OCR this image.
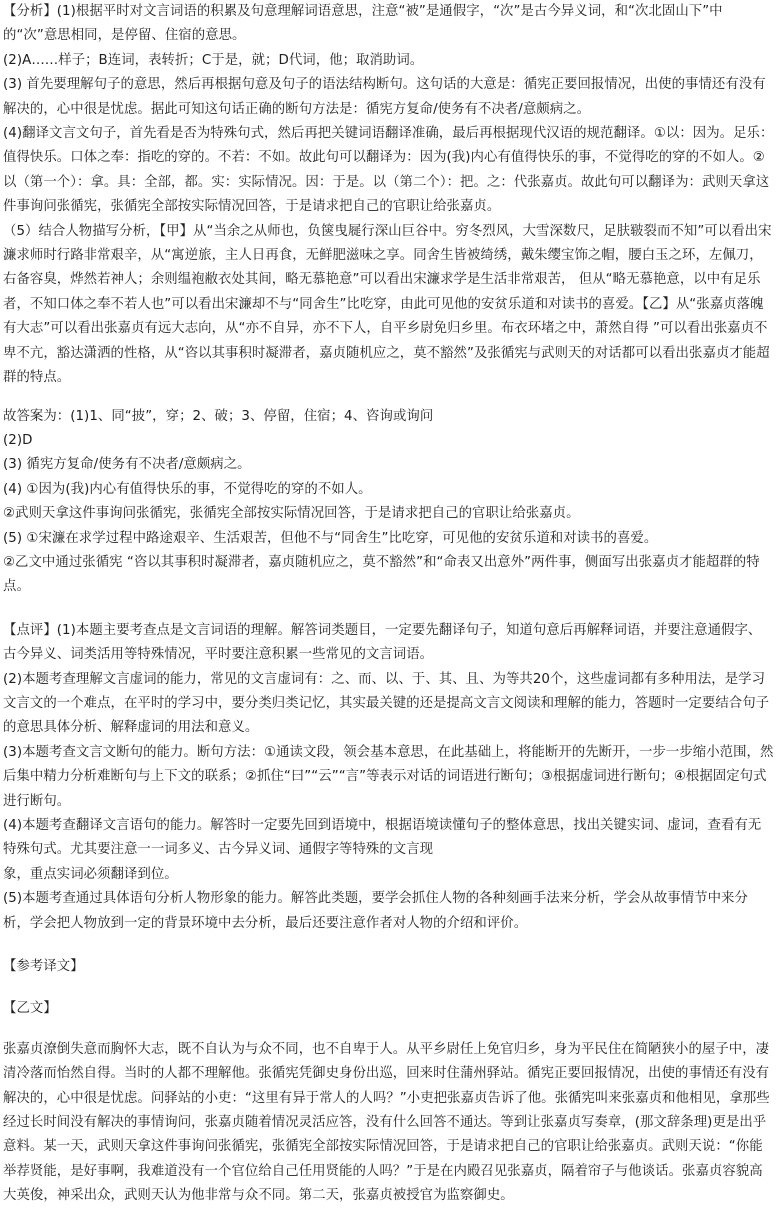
【分析】(1)根据平时对文言词语的积累及句意理解词语意思，注意“被”是通假字，“次”是古今异义词，和“次北固山下”中的“次”意思相同，是停留、住宿的意思。

(2)A……样子；B连词，表转折；C于是，就；D代词，他；取消助词。

(3) 首先要理解句子的意思，然后再根据句意及句子的语法结构断句。这句话的大意是：循宪正要回报情况，出使的事情还有没有解决的，心中很是忧虑。据此可知这句话正确的断句方法是：循宪方复命/使务有不决者/意颇病之。

(4)翻译文言文句子，首先看是否为特殊句式，然后再把关键词语翻译准确，最后再根据现代汉语的规范翻译。①以：因为。足乐：值得快乐。口体之奉：指吃的穿的。不若：不如。故此句可以翻译为：因为(我)内心有值得快乐的事，不觉得吃的穿的不如人。②以（第一个）：拿。具：全部，都。实：实际情况。因：于是。以（第二个）：把。之：代张嘉贞。故此句可以翻译为：武则天拿这件事询问张循宪，张循宪全部按实际情况回答，于是请求把自己的官职让给张嘉贞。

（5）结合人物描写分析，【甲】从“当余之从师也，负箧曳屣行深山巨谷中。穷冬烈风，大雪深数尺，足肤皲裂而不知”可以看出宋濂求师时行路非常艰辛，从“寓逆旅，主人日再食，无鲜肥滋味之享。同舍生皆被绮绣，戴朱缨宝饰之帽，腰白玉之环，左佩刀，右备容臭，烨然若神人；余则缊袍敝衣处其间，略无慕艳意”可以看出宋濂求学是生活非常艰苦， 但从“略无慕艳意，以中有足乐者，不知口体之奉不若人也”可以看出宋濂却不与“同舍生”比吃穿，由此可见他的安贫乐道和对读书的喜爱。【乙】从“张嘉贞落魄有大志”可以看出张嘉贞有远大志向，从“亦不自异，亦不下人，自平乡尉免归乡里。布衣环堵之中，萧然自得 ”可以看出张嘉贞不卑不亢，豁达潇洒的性格，从“咨以其事积时凝滞者，嘉贞随机应之，莫不豁然”及张循宪与武则天的对话都可以看出张嘉贞才能超群的特点。

故答案为：(1)1、同“披”，穿；2、破；3、停留，住宿；4、咨询或询问

(2)D

(3) 循宪方复命/使务有不决者/意颇病之。

(4) ①因为(我)内心有值得快乐的事，不觉得吃的穿的不如人。

②武则天拿这件事询问张循宪，张循宪全部按实际情况回答，于是请求把自己的官职让给张嘉贞。

(5) ①宋濂在求学过程中路途艰辛、生活艰苦，但他不与“同舍生”比吃穿，可见他的安贫乐道和对读书的喜爱。

②乙文中通过张循宪 “咨以其事积时凝滞者，嘉贞随机应之，莫不豁然”和“命表又出意外”两件事，侧面写出张嘉贞才能超群的特点。

【点评】(1)本题主要考查点是文言词语的理解。解答词类题目，一定要先翻译句子，知道句意后再解释词语，并要注意通假字、古今异义、词类活用等特殊情况，平时要注意积累一些常见的文言词语。

(2)本题考查理解文言虚词的能力，常见的文言虚词有：之、而、以、于、其、且、为等共20个，这些虚词都有多种用法，是学习文言文的一个难点，在平时的学习中，要分类归类记忆，其实最关键的还是提高文言文阅读和理解的能力，答题时一定要结合句子的意思具体分析、解释虚词的用法和意义。

(3)本题考查文言文断句的能力。断句方法：①通读文段，领会基本意思，在此基础上，将能断开的先断开，一步一步缩小范围，然后集中精力分析难断句与上下文的联系；②抓住“曰”“云”“言”等表示对话的词语进行断句；③根据虚词进行断句；④根据固定句式进行断句。

(4)本题考查翻译文言语句的能力。解答时一定要先回到语境中，根据语境读懂句子的整体意思，找出关键实词、虚词，查看有无特殊句式。尤其要注意一一词多义、古今异义词、通假字等特殊的文言现

象，重点实词必须翻译到位。

(5)本题考查通过具体语句分析人物形象的能力。解答此类题，要学会抓住人物的各种刻画手法来分析，学会从故事情节中来分析，学会把人物放到一定的背景环境中去分析，最后还要注意作者对人物的介绍和评价。

【参考译文】

【乙文】

张嘉贞潦倒失意而胸怀大志，既不自认为与众不同，也不自卑于人。从平乡尉任上免官归乡，身为平民住在简陋狭小的屋子中，凄清冷落而怡然自得。当时的人都不理解他。张循宪凭御史身份出巡，回来时住蒲州驿站。循宪正要回报情况，出使的事情还有没有解决的，心中很是忧虑。问驿站的小吏：“这里有异于常人的人吗？”小吏把张嘉贞告诉了他。张循宪叫来张嘉贞和他相见，拿那些经过长时间没有解决的事情询问，张嘉贞随着情况灵活应答，没有什么回答不通达。等到让张嘉贞写奏章，(那文辞条理)更是出乎意料。某一天，武则天拿这件事询问张循宪，张循宪全部按实际情况回答，于是请求把自己的官职让给张嘉贞。武则天说：“你能举荐贤能，是好事啊，我难道没有一个官位给自己任用贤能的人吗？”于是在内殿召见张嘉贞，隔着帘子与他谈话。张嘉贞容貌高大英俊，神采出众，武则天认为他非常与众不同。第二天，张嘉贞被授官为监察御史。
